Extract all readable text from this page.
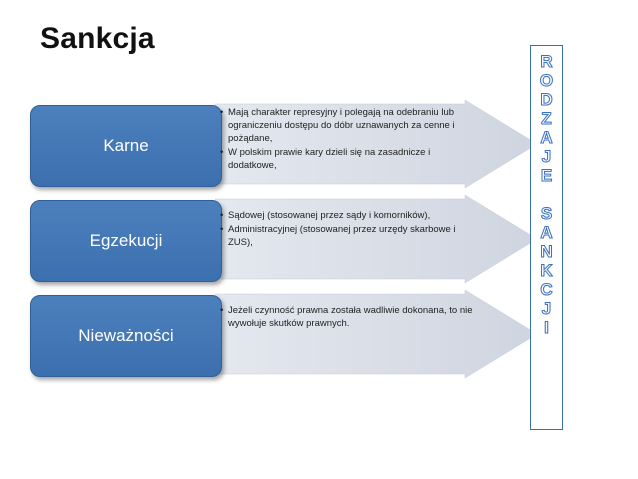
Sankcja
Karne
• Mają charakter represyjny i polegają na odebraniu lub ograniczeniu dostępu do dóbr uznawanych za cenne i pożądane,
• W polskim prawie kary dzieli się na zasadnicze i dodatkowe,
Egzekucji
• Sądowej (stosowanej przez sądy i komorników),
• Administracyjnej (stosowanej przez urzędy skarbowe i ZUS),
Nieważności
• Jeżeli czynność prawna została wadliwie dokonana, to nie wywołuje skutków prawnych.
R
O
D
Z
A
J
E
S
A
N
K
C
J
I
